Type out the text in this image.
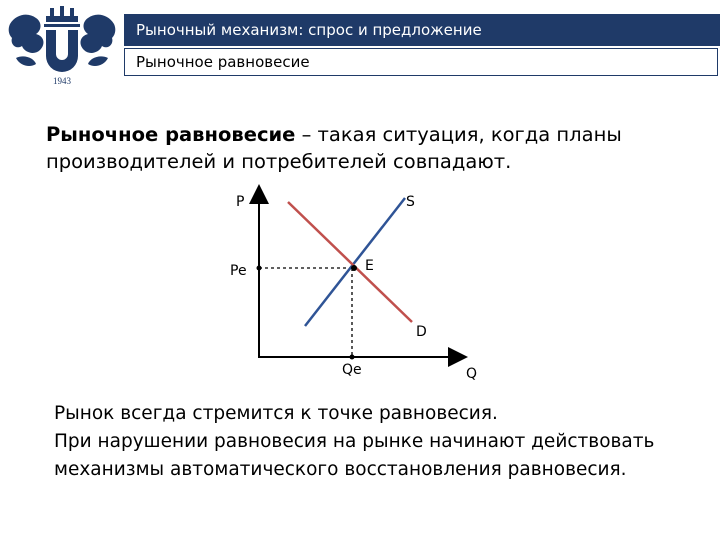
1943
Рыночный механизм: спрос и предложение
Рыночное равновесие
Рыночное равновесие – такая ситуация, когда планы
производителей и потребителей совпадают.
P
Q
S
D
E
Pe
Qe
Рынок всегда стремится к точке равновесия.
При нарушении равновесия на рынке начинают действовать
механизмы автоматического восстановления равновесия.
